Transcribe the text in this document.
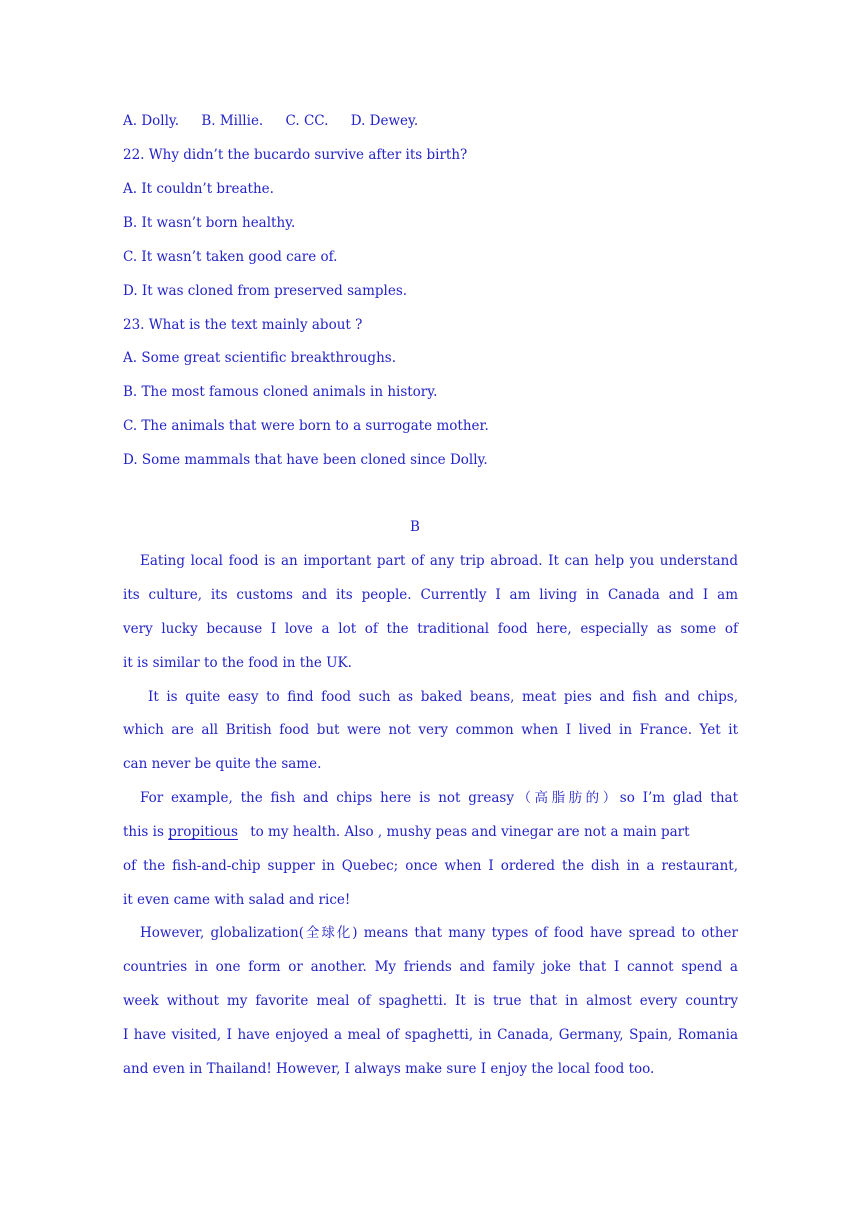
A. Dolly. B. Millie. C. CC. D. Dewey.
22. Why didn’t the bucardo survive after its birth?
A. It couldn’t breathe.
B. It wasn’t born healthy.
C. It wasn’t taken good care of.
D. It was cloned from preserved samples.
23. What is the text mainly about ?
A. Some great scientific breakthroughs.
B. The most famous cloned animals in history.
C. The animals that were born to a surrogate mother.
D. Some mammals that have been cloned since Dolly.
B
Eating local food is an important part of any trip abroad. It can help you understand
its culture, its customs and its people. Currently I am living in Canada and I am
very lucky because I love a lot of the traditional food here, especially as some of
it is similar to the food in the UK.
It is quite easy to find food such as baked beans, meat pies and fish and chips,
which are all British food but were not very common when I lived in France. Yet it
can never be quite the same.
For example, the fish and chips here is not greasy（高脂肪的）so I’m glad that
this is propitious to my health. Also , mushy peas and vinegar are not a main part
of the fish-and-chip supper in Quebec; once when I ordered the dish in a restaurant,
it even came with salad and rice!
However, globalization(全球化) means that many types of food have spread to other
countries in one form or another. My friends and family joke that I cannot spend a
week without my favorite meal of spaghetti. It is true that in almost every country
I have visited, I have enjoyed a meal of spaghetti, in Canada, Germany, Spain, Romania
and even in Thailand! However, I always make sure I enjoy the local food too.
